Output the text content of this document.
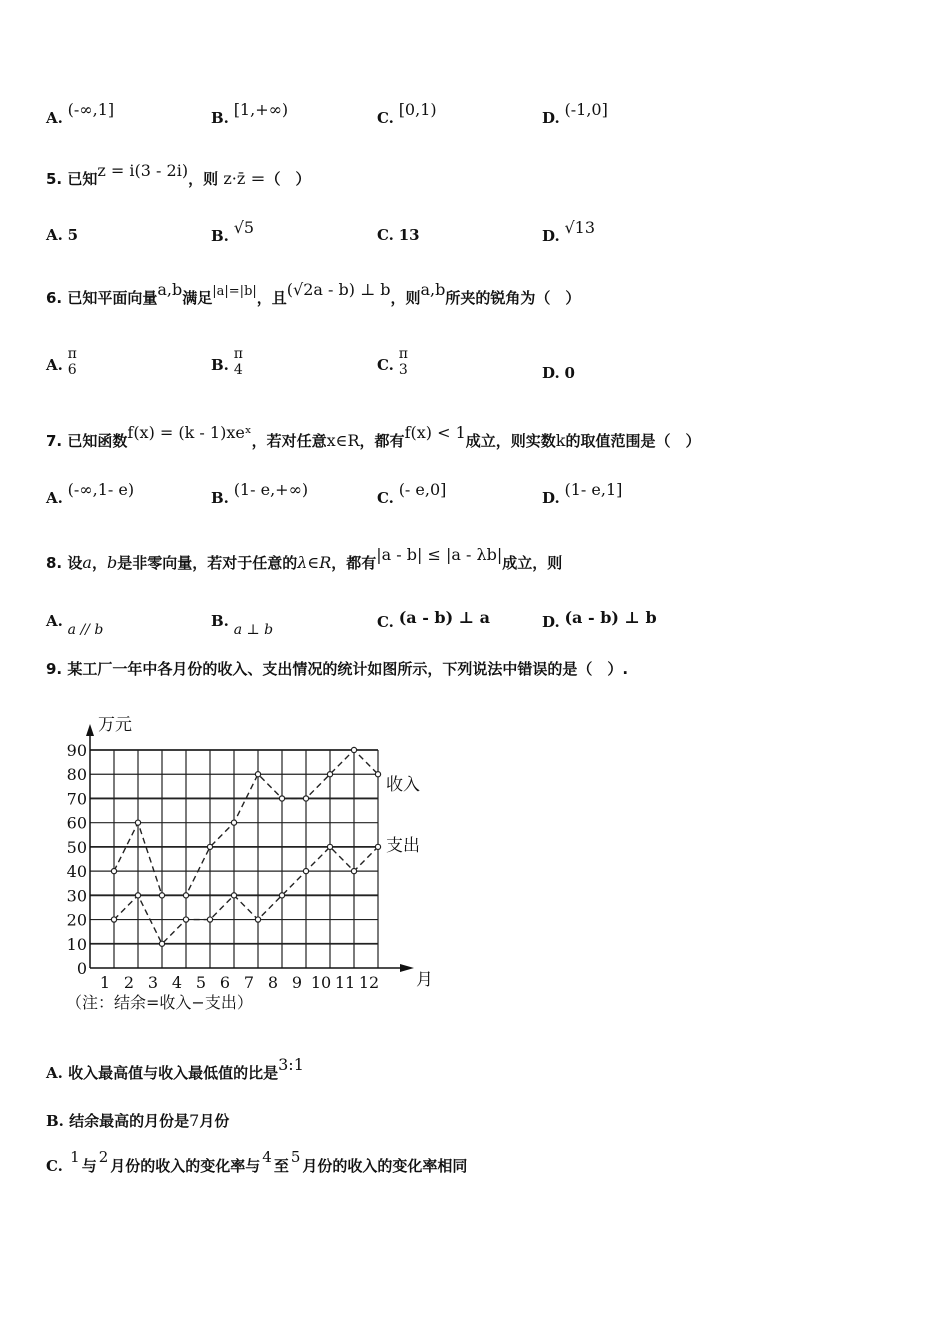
A. (-∞,1]	B. [1,+∞)	C. [0,1)	D. (-1,0]
5. 已知z = i(3 - 2i)，则 z·z̄ ＝（　）
A. 5	B. √5	C. 13	D. √13
6. 已知平面向量a,b满足|a|=|b|，且(√2a - b) ⊥ b，则a,b所夹的锐角为（　）
A.
π
6	B.
π
4	C.
π
3	D. 0
7. 已知函数f(x) = (k - 1)xeˣ，若对任意x∈R，都有f(x) < 1成立，则实数k的取值范围是（　）
A. (-∞,1- e)	B. (1- e,+∞)	C. (- e,0]	D. (1- e,1]
8. 设a，b是非零向量，若对于任意的λ∈R，都有|a - b| ≤ |a - λb|成立，则
A. a // b	B. a ⊥ b	C. (a - b) ⊥ a	D. (a - b) ⊥ b
9. 某工厂一年中各月份的收入、支出情况的统计如图所示，下列说法中错误的是（　）.
0
10
20
30
40
50
60
70
80
90
1 2 3 4 5 6 7 8 9 10 11 12
收入
支出
万元
月
（注：结余=收入−支出）
A. 收入最高值与收入最低值的比是3:1
B. 结余最高的月份是7月份
C. 1 与 2 月份的收入的变化率与 4 至 5 月份的收入的变化率相同
